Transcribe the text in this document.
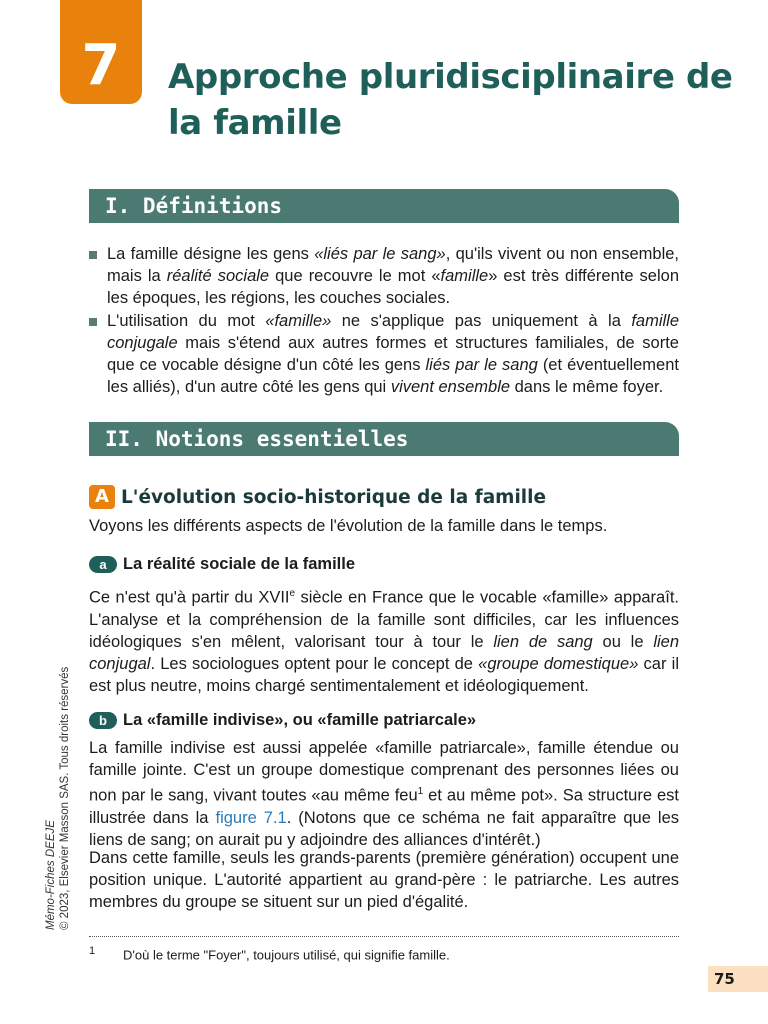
7 Approche pluridisciplinaire de la famille
I. Définitions
La famille désigne les gens «liés par le sang», qu'ils vivent ou non ensemble, mais la réalité sociale que recouvre le mot «famille» est très différente selon les époques, les régions, les couches sociales.
L'utilisation du mot «famille» ne s'applique pas uniquement à la famille conjugale mais s'étend aux autres formes et structures familiales, de sorte que ce vocable désigne d'un côté les gens liés par le sang (et éventuellement les alliés), d'un autre côté les gens qui vivent ensemble dans le même foyer.
II. Notions essentielles
A L'évolution socio-historique de la famille

Voyons les différents aspects de l'évolution de la famille dans le temps.

a La réalité sociale de la famille

Ce n'est qu'à partir du XVIIe siècle en France que le vocable «famille» apparaît. L'analyse et la compréhension de la famille sont difficiles, car les influences idéologiques s'en mêlent, valorisant tour à tour le lien de sang ou le lien conjugal. Les sociologues optent pour le concept de «groupe domestique» car il est plus neutre, moins chargé sentimentalement et idéologiquement.

b La «famille indivise», ou «famille patriarcale»

La famille indivise est aussi appelée «famille patriarcale», famille étendue ou famille jointe. C'est un groupe domestique comprenant des personnes liées ou non par le sang, vivant toutes «au même feu$^1$ et au même pot». Sa structure est illustrée dans la figure 7.1. (Notons que ce schéma ne fait apparaître que les liens de sang; on aurait pu y adjoindre des alliances d'intérêt.)

Dans cette famille, seuls les grands-parents (première génération) occupent une position unique. L'autorité appartient au grand-père : le patriarche. Les autres membres du groupe se situent sur un pied d'égalité.

Mémo-Fiches DEEJE © 2023, Elsevier Masson SAS. Tous droits réservés
1 D'où le terme "Foyer", toujours utilisé, qui signifie famille.
75
